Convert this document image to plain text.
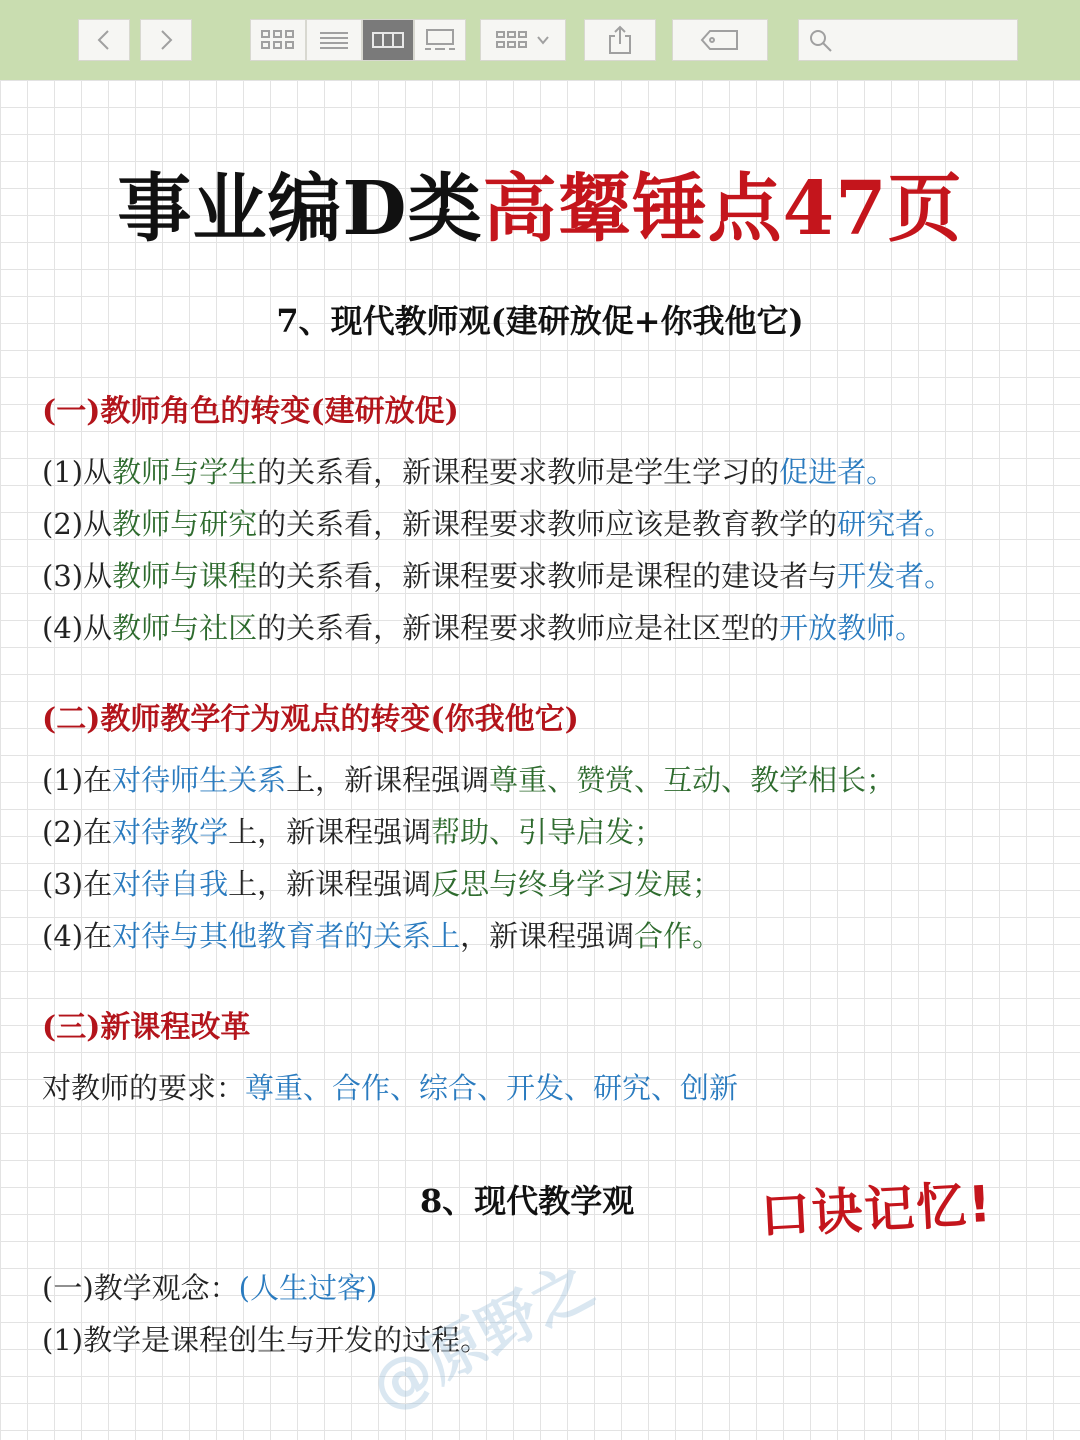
事业编D类高颦锤点47页
7、现代教师观(建研放促+你我他它)
(一)教师角色的转变(建研放促)
(1)从教师与学生的关系看，新课程要求教师是学生学习的促进者。
(2)从教师与研究的关系看，新课程要求教师应该是教育教学的研究者。
(3)从教师与课程的关系看，新课程要求教师是课程的建设者与开发者。
(4)从教师与社区的关系看，新课程要求教师应是社区型的开放教师。
(二)教师教学行为观点的转变(你我他它)
(1)在对待师生关系上，新课程强调尊重、赞赏、互动、教学相长；
(2)在对待教学上，新课程强调帮助、引导启发；
(3)在对待自我上，新课程强调反思与终身学习发展；
(4)在对待与其他教育者的关系上，新课程强调合作。
(三)新课程改革
对教师的要求：尊重、合作、综合、开发、研究、创新
8、现代教学观 口诀记忆!
(一)教学观念：(人生过客)
(1)教学是课程创生与开发的过程。
@原野之
